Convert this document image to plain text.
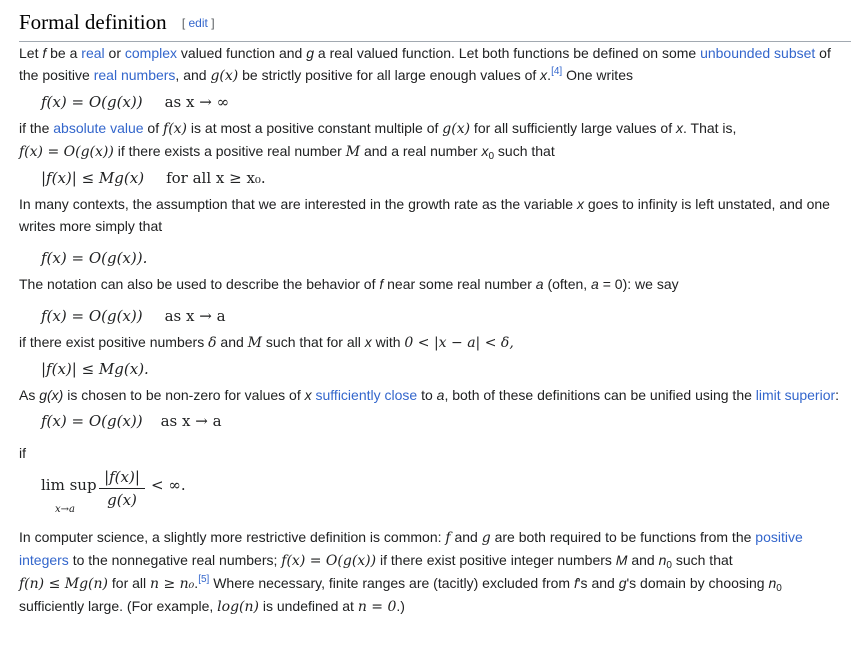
Formal definition [ edit ]

Let f be a real or complex valued function and g a real valued function. Let both functions be defined on some unbounded subset of the positive real numbers, and g(x) be strictly positive for all large enough values of x.[4] One writes

f(x) = O(g(x)) as x → ∞

if the absolute value of f(x) is at most a positive constant multiple of g(x) for all sufficiently large values of x. That is,

f(x) = O(g(x)) if there exists a positive real number M and a real number $x_0$ such that

|f(x)| ≤ Mg(x) for all x ≥ x₀.

In many contexts, the assumption that we are interested in the growth rate as the variable x goes to infinity is left unstated, and one writes more simply that

f(x) = O(g(x)).

The notation can also be used to describe the behavior of f near some real number a (often, a = 0): we say

f(x) = O(g(x)) as x → a

if there exist positive numbers δ and M such that for all x with 0 < |x − a| < δ,

|f(x)| ≤ Mg(x).

As g(x) is chosen to be non-zero for values of x sufficiently close to a, both of these definitions can be unified using the limit superior:

f(x) = O(g(x)) as x → a

if

lim sup
x→a
$\frac{|f(x)|}{g(x)}$ < ∞.

In computer science, a slightly more restrictive definition is common: f and g are both required to be functions from the positive integers to the nonnegative real numbers; f(x) = O(g(x)) if there exist positive integer numbers M and $n_0$ such that

f(n) ≤ Mg(n) for all n ≥ n₀.[5] Where necessary, finite ranges are (tacitly) excluded from f's and g's domain by choosing $n_0$

sufficiently large. (For example, log(n) is undefined at n = 0.)
